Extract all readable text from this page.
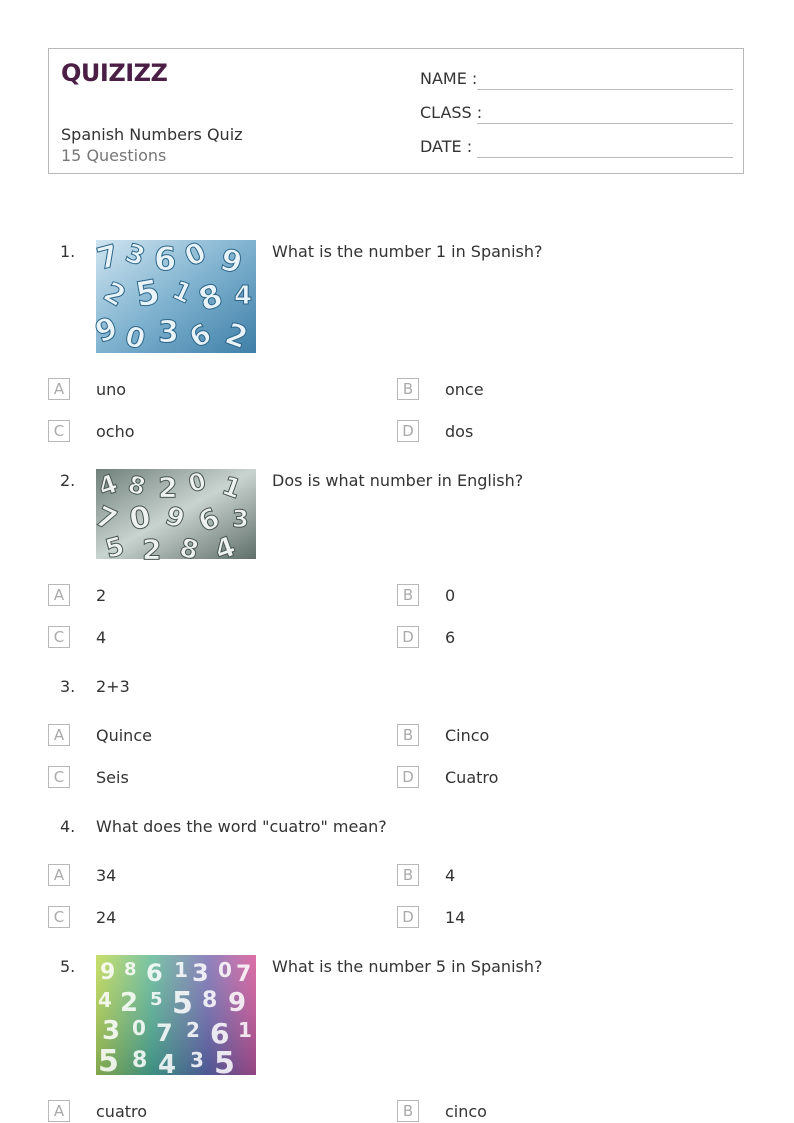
QUIZIZZ
Spanish Numbers Quiz
15 Questions
NAME :
CLASS :
DATE :
1. 7
3 6 0 9
2 5 1
8 4
9 0 3 6 2
What is the number 1 in Spanish?
A	uno	B	once
C	ocho	D	dos
2. 4 8 2 0 1
7 0 9 6 3
5 2 8 4
Dos is what number in English?
A	2	B	0
C	4	D	6
3. 2+3
A	Quince	B	Cinco
C	Seis	D	Cuatro
4. What does the word "cuatro" mean?
A	34	B	4
C	24	D	14
5. 9 8 6 1 3 0 7
4 2 5 5 8 9
3 0 7 2 6 1
5 8 4 3 5
What is the number 5 in Spanish?
A	cuatro	B	cinco
